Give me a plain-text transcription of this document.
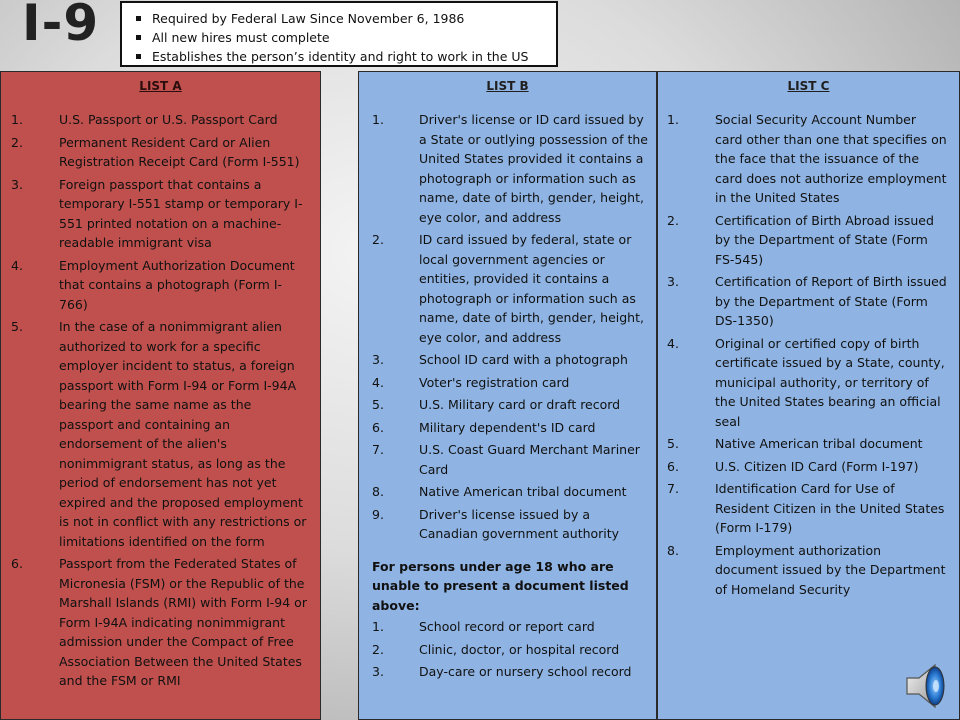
I-9	Required by Federal Law Since November 6, 1986
All new hires must complete
Establishes the person’s identity and right to work in the US
LIST A
1.	U.S. Passport or U.S. Passport Card
2.	Permanent Resident Card or Alien Registration Receipt Card (Form I-551)
3.	Foreign passport that contains a temporary I-551 stamp or temporary I-551 printed notation on a machine-readable immigrant visa
4.	Employment Authorization Document that contains a photograph (Form I-766)
5.	In the case of a nonimmigrant alien authorized to work for a specific employer incident to status, a foreign passport with Form I-94 or Form I-94A bearing the same name as the passport and containing an endorsement of the alien's nonimmigrant status, as long as the period of endorsement has not yet expired and the proposed employment is not in conflict with any restrictions or limitations identified on the form
6.	Passport from the Federated States of Micronesia (FSM) or the Republic of the Marshall Islands (RMI) with Form I-94 or Form I-94A indicating nonimmigrant admission under the Compact of Free Association Between the United States and the FSM or RMI
LIST B
1.	Driver's license or ID card issued by a State or outlying possession of the United States provided it contains a photograph or information such as name, date of birth, gender, height, eye color, and address
2.	ID card issued by federal, state or local government agencies or entities, provided it contains a photograph or information such as name, date of birth, gender, height, eye color, and address
3.	School ID card with a photograph
4.	Voter's registration card
5.	U.S. Military card or draft record
6.	Military dependent's ID card
7.	U.S. Coast Guard Merchant Mariner Card
8.	Native American tribal document
9.	Driver's license issued by a Canadian government authority
For persons under age 18 who are unable to present a document listed above:
1.	School record or report card
2.	Clinic, doctor, or hospital record
3.	Day-care or nursery school record
LIST C
1.	Social Security Account Number card other than one that specifies on the face that the issuance of the card does not authorize employment in the United States
2.	Certification of Birth Abroad issued by the Department of State (Form FS-545)
3.	Certification of Report of Birth issued by the Department of State (Form DS-1350)
4.	Original or certified copy of birth certificate issued by a State, county, municipal authority, or territory of the United States bearing an official seal
5.	Native American tribal document
6.	U.S. Citizen ID Card (Form I-197)
7.	Identification Card for Use of Resident Citizen in the United States (Form I-179)
8.	Employment authorization document issued by the Department of Homeland Security
